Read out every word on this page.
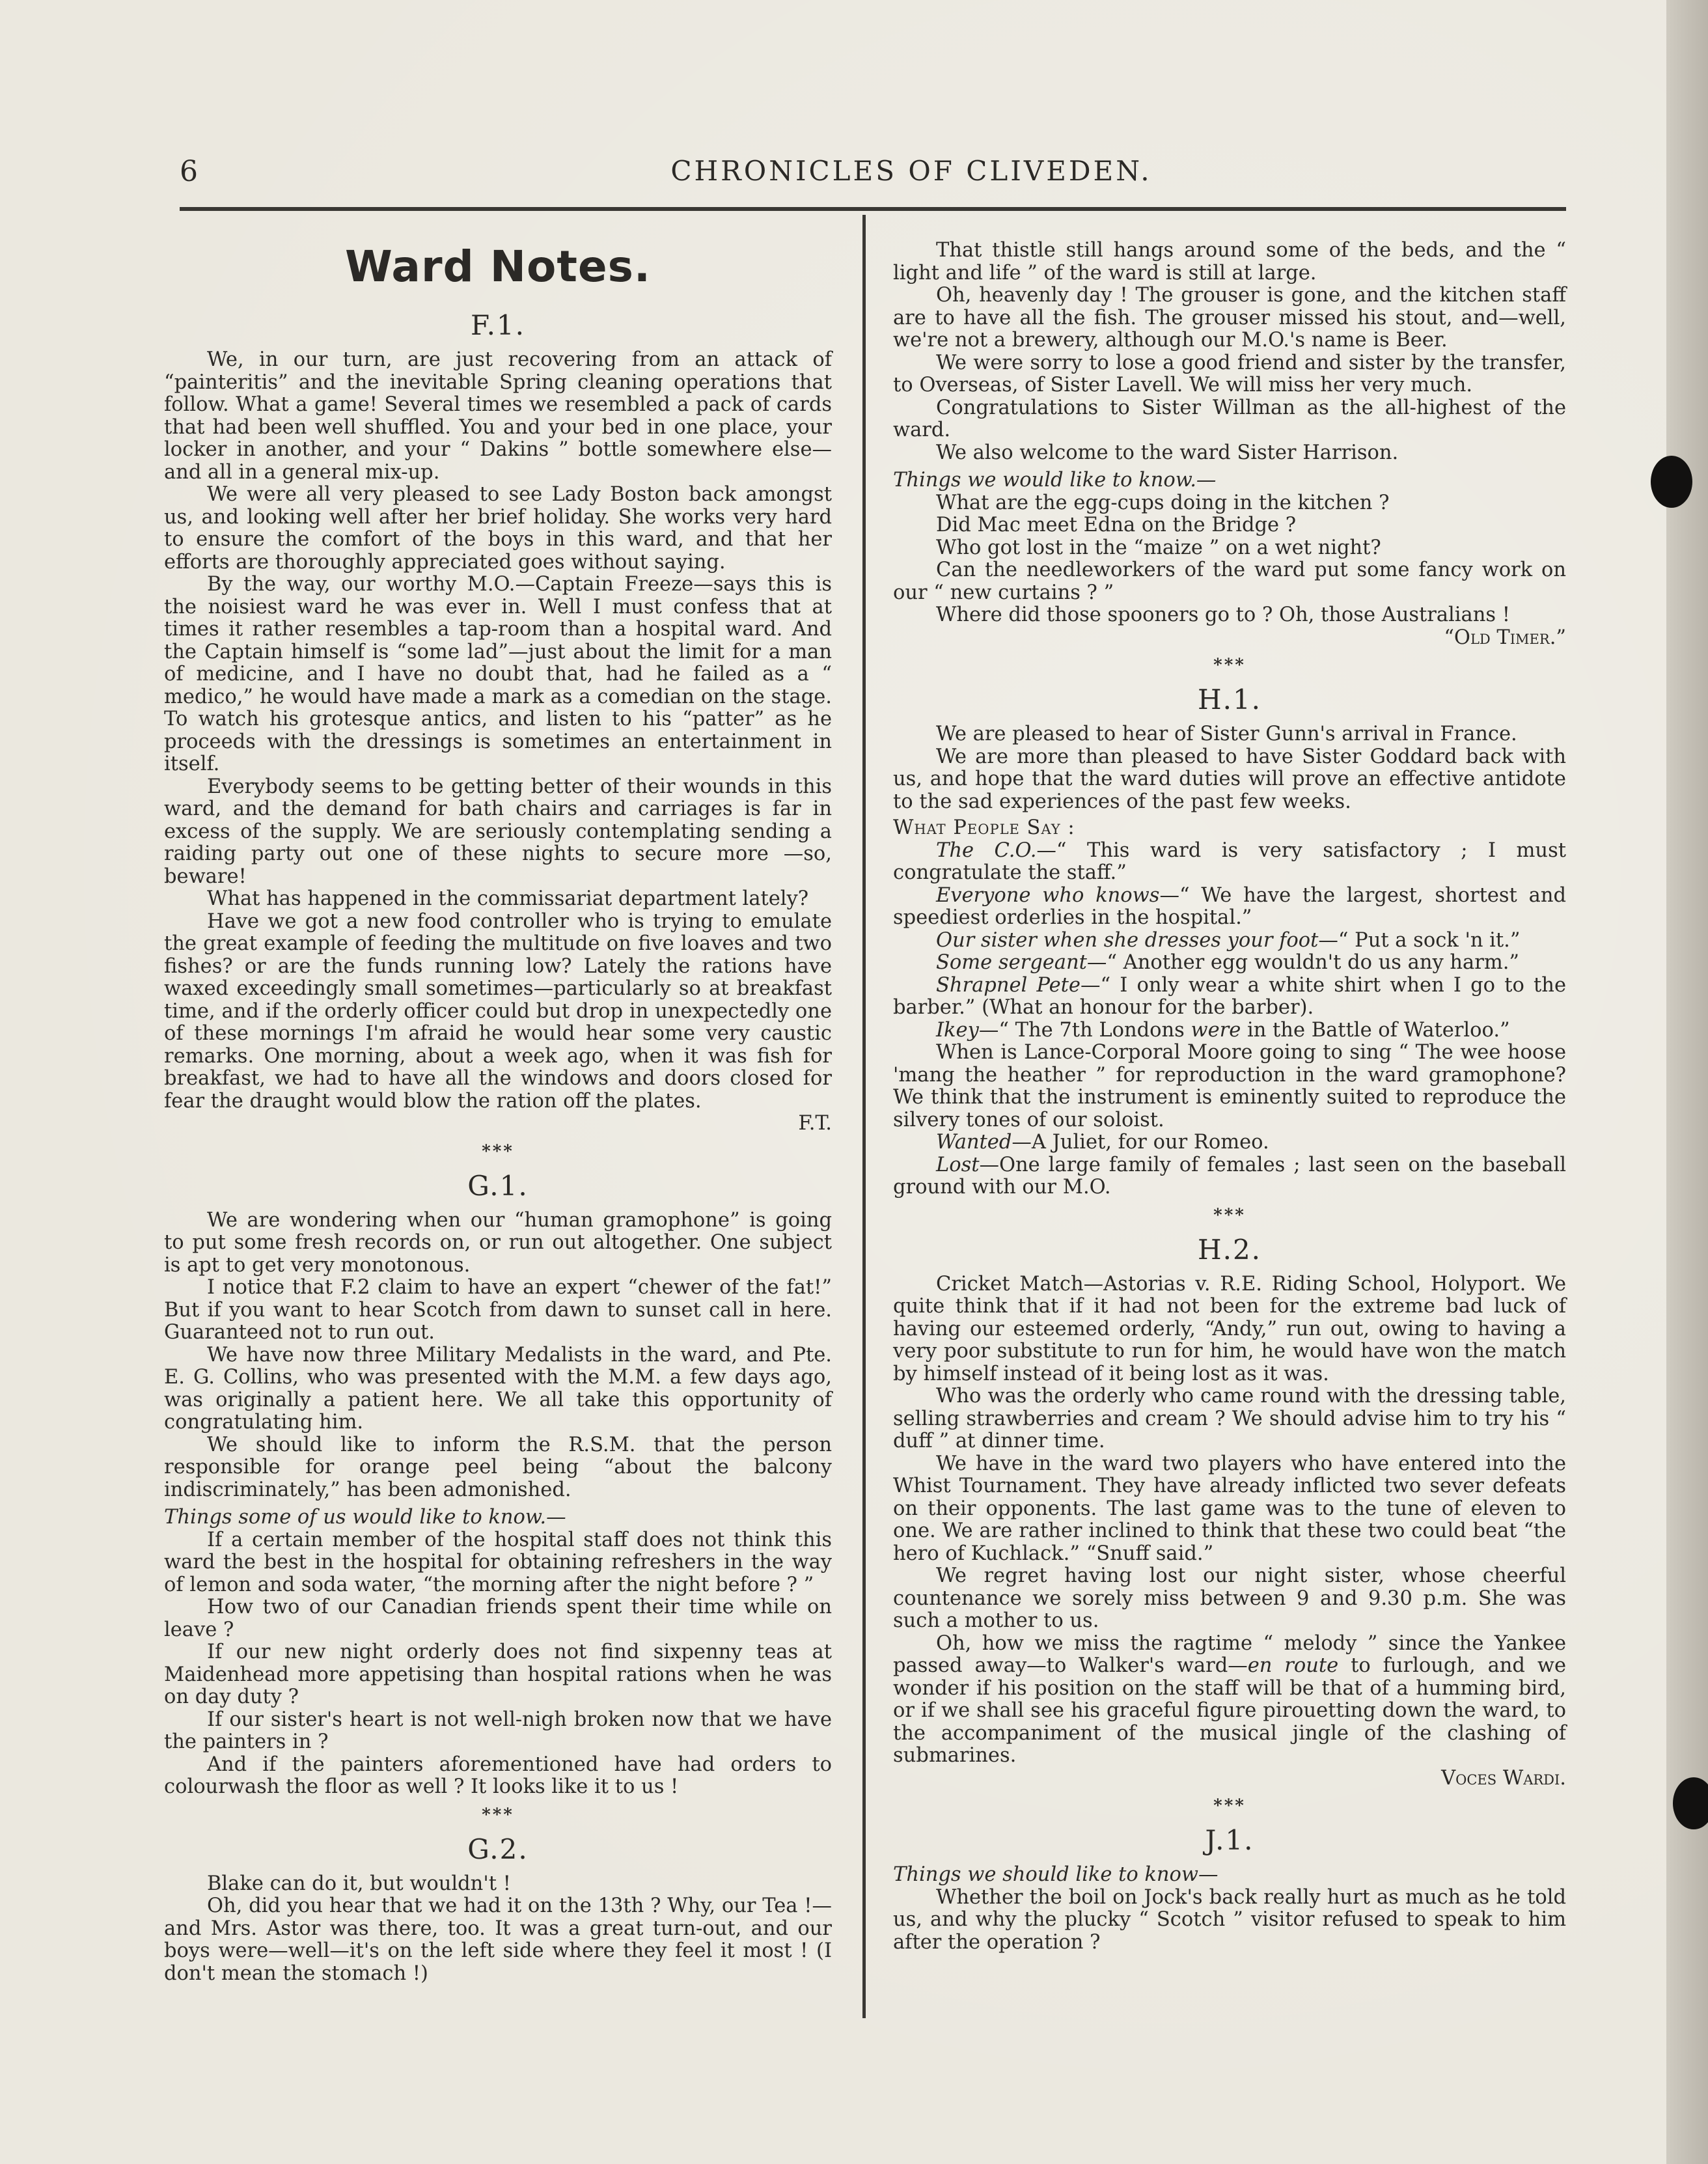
6	CHRONICLES OF CLIVEDEN.
Ward Notes.
F.1.

We, in our turn, are just recovering from an attack of “painteritis” and the inevitable Spring cleaning operations that follow. What a game! Several times we resembled a pack of cards that had been well shuffled. You and your bed in one place, your locker in another, and your “ Dakins ” bottle somewhere else—and all in a general mix-up.

We were all very pleased to see Lady Boston back amongst us, and looking well after her brief holiday. She works very hard to ensure the comfort of the boys in this ward, and that her efforts are thoroughly appreciated goes without saying.

By the way, our worthy M.O.—Captain Freeze—says this is the noisiest ward he was ever in. Well I must confess that at times it rather resembles a tap-room than a hospital ward. And the Captain himself is “some lad”—just about the limit for a man of medicine, and I have no doubt that, had he failed as a “ medico,” he would have made a mark as a comedian on the stage. To watch his grotesque antics, and listen to his “patter” as he proceeds with the dressings is sometimes an entertainment in itself.

Everybody seems to be getting better of their wounds in this ward, and the demand for bath chairs and carriages is far in excess of the supply. We are seriously contemplating sending a raiding party out one of these nights to secure more —so, beware!

What has happened in the commissariat department lately?

Have we got a new food controller who is trying to emulate the great example of feeding the multitude on five loaves and two fishes? or are the funds running low? Lately the rations have waxed exceedingly small sometimes—particularly so at breakfast time, and if the orderly officer could but drop in unexpectedly one of these mornings I'm afraid he would hear some very caustic remarks. One morning, about a week ago, when it was fish for breakfast, we had to have all the windows and doors closed for fear the draught would blow the ration off the plates.

F.T.

***
G.1.

We are wondering when our “human gramophone” is going to put some fresh records on, or run out altogether. One subject is apt to get very monotonous.

I notice that F.2 claim to have an expert “chewer of the fat!” But if you want to hear Scotch from dawn to sunset call in here. Guaranteed not to run out.

We have now three Military Medalists in the ward, and Pte. E. G. Collins, who was presented with the M.M. a few days ago, was originally a patient here. We all take this opportunity of congratulating him.

We should like to inform the R.S.M. that the person responsible for orange peel being “about the balcony indiscriminately,” has been admonished.

Things some of us would like to know.—

If a certain member of the hospital staff does not think this ward the best in the hospital for obtaining refreshers in the way of lemon and soda water, “the morning after the night before ? ”

How two of our Canadian friends spent their time while on leave ?

If our new night orderly does not find sixpenny teas at Maidenhead more appetising than hospital rations when he was on day duty ?

If our sister's heart is not well-nigh broken now that we have the painters in ?

And if the painters aforementioned have had orders to colourwash the floor as well ? It looks like it to us !

***
G.2.

Blake can do it, but wouldn't !

Oh, did you hear that we had it on the 13th ? Why, our Tea !—and Mrs. Astor was there, too. It was a great turn-out, and our boys were—well—it's on the left side where they feel it most ! (I don't mean the stomach !)

That thistle still hangs around some of the beds, and the “ light and life ” of the ward is still at large.

Oh, heavenly day ! The grouser is gone, and the kitchen staff are to have all the fish. The grouser missed his stout, and—well, we're not a brewery, although our M.O.'s name is Beer.

We were sorry to lose a good friend and sister by the transfer, to Overseas, of Sister Lavell. We will miss her very much.

Congratulations to Sister Willman as the all-highest of the ward.

We also welcome to the ward Sister Harrison.

Things we would like to know.—

What are the egg-cups doing in the kitchen ?

Did Mac meet Edna on the Bridge ?

Who got lost in the “maize ” on a wet night?

Can the needleworkers of the ward put some fancy work on our “ new curtains ? ”

Where did those spooners go to ? Oh, those Australians !

“Old Timer.”

***
H.1.

We are pleased to hear of Sister Gunn's arrival in France.

We are more than pleased to have Sister Goddard back with us, and hope that the ward duties will prove an effective antidote to the sad experiences of the past few weeks.

What People Say :

The C.O.—“ This ward is very satisfactory ; I must congratulate the staff.”

Everyone who knows—“ We have the largest, shortest and speediest orderlies in the hospital.”

Our sister when she dresses your foot—“ Put a sock 'n it.”

Some sergeant—“ Another egg wouldn't do us any harm.”

Shrapnel Pete—“ I only wear a white shirt when I go to the barber.” (What an honour for the barber).

Ikey—“ The 7th Londons were in the Battle of Waterloo.”

When is Lance-Corporal Moore going to sing “ The wee hoose 'mang the heather ” for reproduction in the ward gramophone? We think that the instrument is eminently suited to reproduce the silvery tones of our soloist.

Wanted—A Juliet, for our Romeo.

Lost—One large family of females ; last seen on the baseball ground with our M.O.

***
H.2.

Cricket Match—Astorias v. R.E. Riding School, Holyport. We quite think that if it had not been for the extreme bad luck of having our esteemed orderly, “Andy,” run out, owing to having a very poor substitute to run for him, he would have won the match by himself instead of it being lost as it was.

Who was the orderly who came round with the dressing table, selling strawberries and cream ? We should advise him to try his “ duff ” at dinner time.

We have in the ward two players who have entered into the Whist Tournament. They have already inflicted two sever defeats on their opponents. The last game was to the tune of eleven to one. We are rather inclined to think that these two could beat “the hero of Kuchlack.” “Snuff said.”

We regret having lost our night sister, whose cheerful countenance we sorely miss between 9 and 9.30 p.m. She was such a mother to us.

Oh, how we miss the ragtime “ melody ” since the Yankee passed away—to Walker's ward—en route to furlough, and we wonder if his position on the staff will be that of a humming bird, or if we shall see his graceful figure pirouetting down the ward, to the accompaniment of the musical jingle of the clashing of submarines.

Voces Wardi.

***
J.1.

Things we should like to know—

Whether the boil on Jock's back really hurt as much as he told us, and why the plucky “ Scotch ” visitor refused to speak to him after the operation ?
